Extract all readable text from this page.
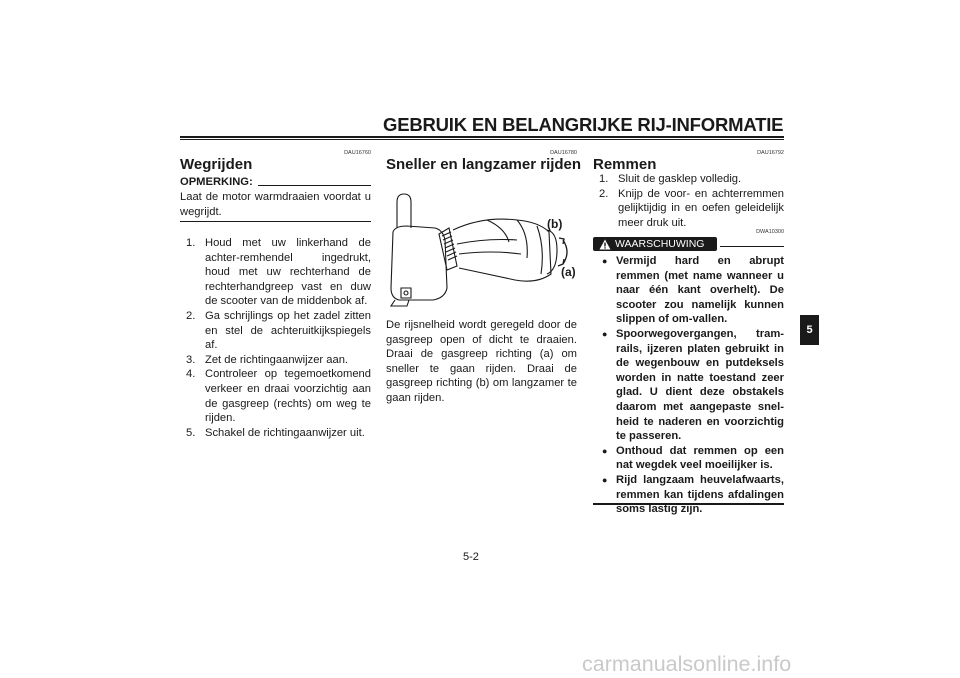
GEBRUIK EN BELANGRIJKE RIJ-INFORMATIE
DAU16760
Wegrijden
OPMERKING:
Laat de motor warmdraaien voordat u wegrijdt.
1. Houd met uw linkerhand de achter-remhendel ingedrukt, houd met uw rechterhand de rechterhandgreep vast en duw de scooter van de middenbok af.
2. Ga schrijlings op het zadel zitten en stel de achteruitkijkspiegels af.
3. Zet de richtingaanwijzer aan.
4. Controleer op tegemoetkomend verkeer en draai voorzichtig aan de gasgreep (rechts) om weg te rijden.
5. Schakel de richtingaanwijzer uit.
DAU16780
Sneller en langzamer rijden
(b)
(a)
De rijsnelheid wordt geregeld door de gasgreep open of dicht te draaien. Draai de gasgreep richting (a) om sneller te gaan rijden. Draai de gasgreep richting (b) om langzamer te gaan rijden.
DAU16792
Remmen
1. Sluit de gasklep volledig.
2. Knijp de voor- en achterremmen gelijktijdig in en oefen geleidelijk meer druk uit.
DWA10300
WAARSCHUWING
● Vermijd hard en abrupt remmen (met name wanneer u naar één kant overhelt). De scooter zou namelijk kunnen slippen of om-vallen.
● Spoorwegovergangen, tram-rails, ijzeren platen gebruikt in de wegenbouw en putdeksels worden in natte toestand zeer glad. U dient deze obstakels daarom met aangepaste snel-heid te naderen en voorzichtig te passeren.
● Onthoud dat remmen op een nat wegdek veel moeilijker is.
● Rijd langzaam heuvelafwaarts, remmen kan tijdens afdalingen soms lastig zijn.
5
5-2
carmanualsonline.info
